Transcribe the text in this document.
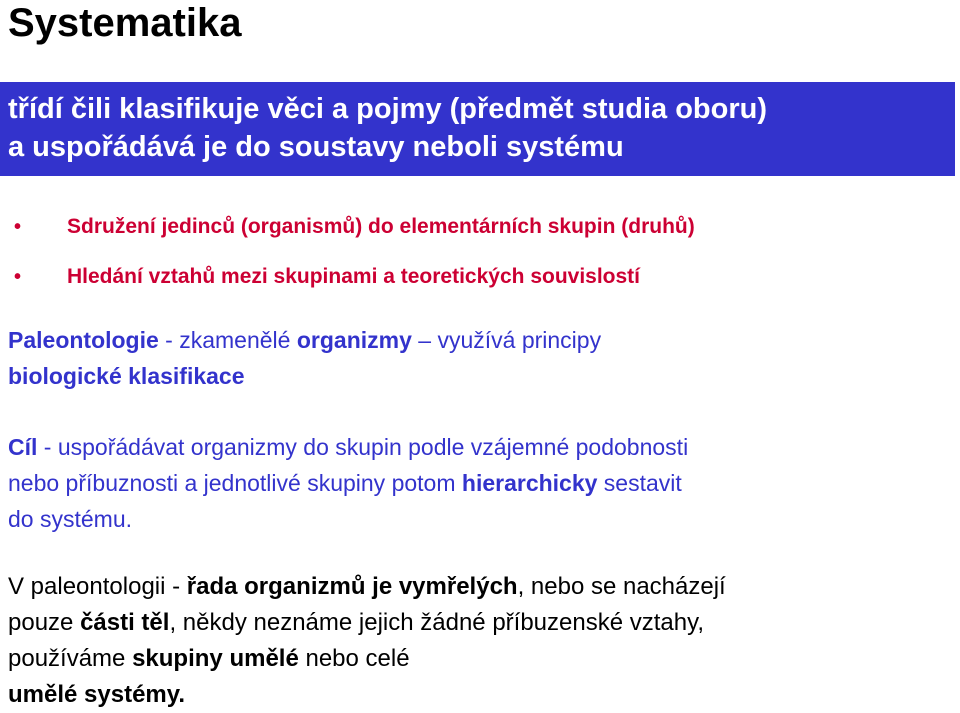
Systematika
třídí čili klasifikuje věci a pojmy (předmět studia oboru)
a uspořádává je do soustavy neboli systému
• Sdružení jedinců (organismů) do elementárních skupin (druhů)
• Hledání vztahů mezi skupinami a teoretických souvislostí
Paleontologie - zkamenělé organizmy – využívá principy
biologické klasifikace
Cíl - uspořádávat organizmy do skupin podle vzájemné podobnosti
nebo příbuznosti a jednotlivé skupiny potom hierarchicky sestavit
do systému.
V paleontologii - řada organizmů je vymřelých, nebo se nacházejí
pouze části těl, někdy neznáme jejich žádné příbuzenské vztahy,
používáme skupiny umělé nebo celé
umělé systémy.
